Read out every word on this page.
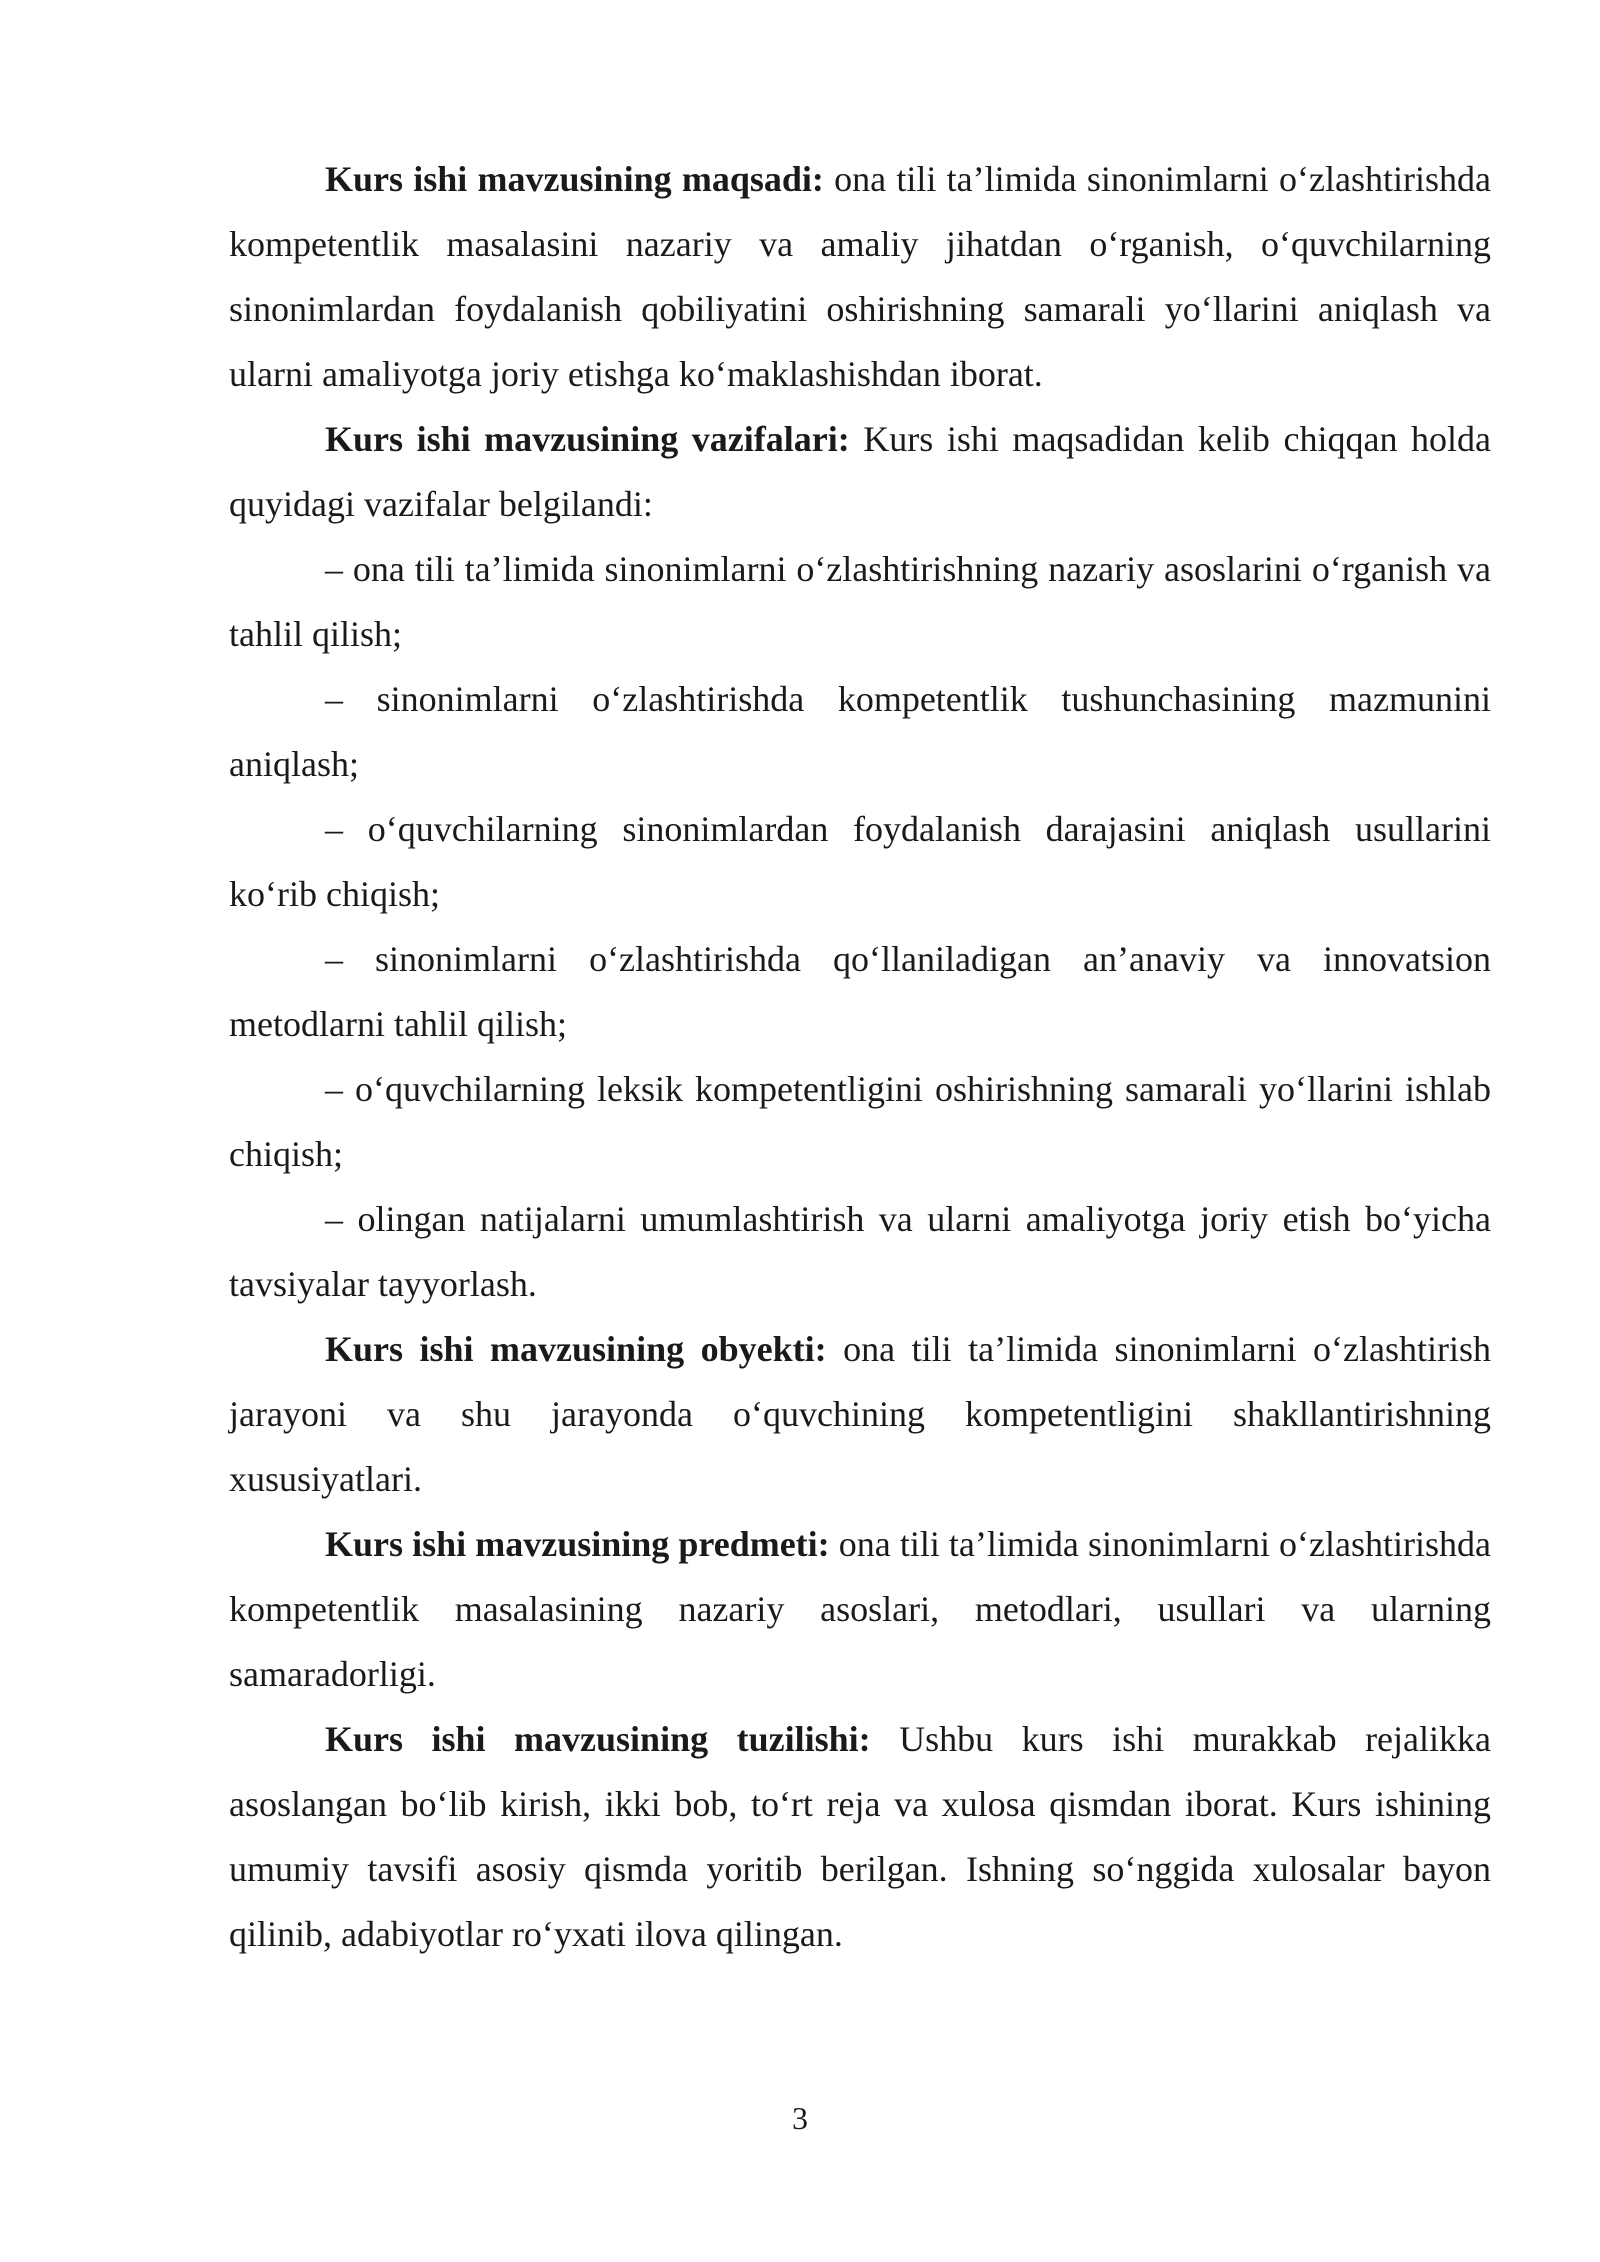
Kurs ishi mavzusining maqsadi: ona tili ta’limida sinonimlarni o‘zlashtirishda kompetentlik masalasini nazariy va amaliy jihatdan o‘rganish, o‘quvchilarning sinonimlardan foydalanish qobiliyatini oshirishning samarali yo‘llarini aniqlash va ularni amaliyotga joriy etishga ko‘maklashishdan iborat.

Kurs ishi mavzusining vazifalari: Kurs ishi maqsadidan kelib chiqqan holda quyidagi vazifalar belgilandi:

– ona tili ta’limida sinonimlarni o‘zlashtirishning nazariy asoslarini o‘rganish va tahlil qilish;

– sinonimlarni o‘zlashtirishda kompetentlik tushunchasining mazmunini aniqlash;

– o‘quvchilarning sinonimlardan foydalanish darajasini aniqlash usullarini ko‘rib chiqish;

– sinonimlarni o‘zlashtirishda qo‘llaniladigan an’anaviy va innovatsion metodlarni tahlil qilish;

– o‘quvchilarning leksik kompetentligini oshirishning samarali yo‘llarini ishlab chiqish;

– olingan natijalarni umumlashtirish va ularni amaliyotga joriy etish bo‘yicha tavsiyalar tayyorlash.

Kurs ishi mavzusining obyekti: ona tili ta’limida sinonimlarni o‘zlashtirish jarayoni va shu jarayonda o‘quvchining kompetentligini shakllantirishning xususiyatlari.

Kurs ishi mavzusining predmeti: ona tili ta’limida sinonimlarni o‘zlashtirishda kompetentlik masalasining nazariy asoslari, metodlari, usullari va ularning samaradorligi.

Kurs ishi mavzusining tuzilishi: Ushbu kurs ishi murakkab rejalikka asoslangan bo‘lib kirish, ikki bob, to‘rt reja va xulosa qismdan iborat. Kurs ishining umumiy tavsifi asosiy qismda yoritib berilgan. Ishning so‘nggida xulosalar bayon qilinib, adabiyotlar ro‘yxati ilova qilingan.

3
